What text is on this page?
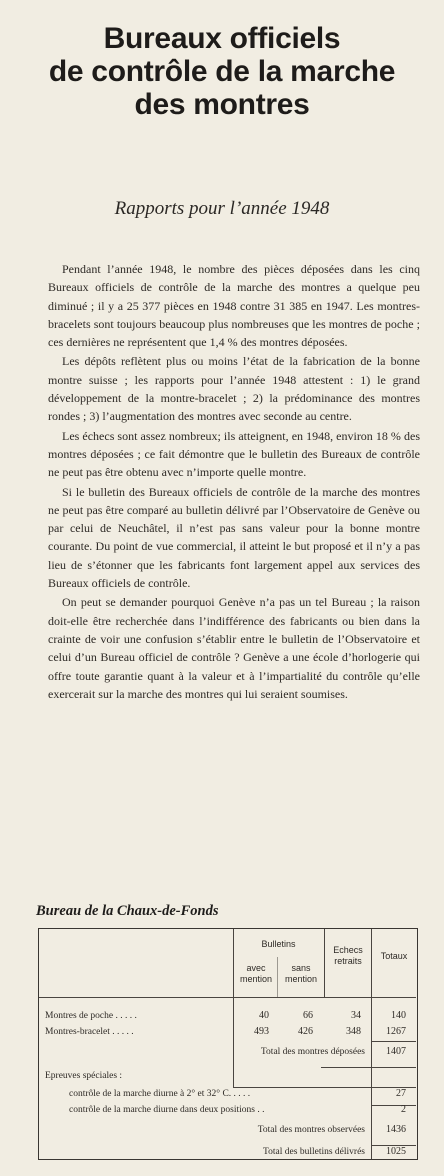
Bureaux officiels
de contrôle de la marche
des montres
Rapports pour l’année 1948

Pendant l’année 1948, le nombre des pièces déposées dans les cinq Bureaux officiels de contrôle de la marche des montres a quelque peu diminué ; il y a 25 377 pièces en 1948 contre 31 385 en 1947. Les montres-bracelets sont toujours beaucoup plus nombreuses que les montres de poche ; ces dernières ne représentent que 1,4 % des montres déposées.

Les dépôts reflètent plus ou moins l’état de la fabrication de la bonne montre suisse ; les rapports pour l’année 1948 attestent : 1) le grand développement de la montre-bracelet ; 2) la prédominance des montres rondes ; 3) l’augmentation des montres avec seconde au centre.

Les échecs sont assez nombreux; ils atteignent, en 1948, environ 18 % des montres déposées ; ce fait démontre que le bulletin des Bureaux de contrôle ne peut pas être obtenu avec n’importe quelle montre.

Si le bulletin des Bureaux officiels de contrôle de la marche des montres ne peut pas être comparé au bulletin délivré par l’Observatoire de Genève ou par celui de Neuchâtel, il n’est pas sans valeur pour la bonne montre courante. Du point de vue commercial, il atteint le but proposé et il n’y a pas lieu de s’étonner que les fabricants font largement appel aux services des Bureaux officiels de contrôle.

On peut se demander pourquoi Genève n’a pas un tel Bureau ; la raison doit-elle être recherchée dans l’indifférence des fabricants ou bien dans la crainte de voir une confusion s’établir entre le bulletin de l’Observatoire et celui d’un Bureau officiel de contrôle ? Genève a une école d’horlogerie qui offre toute garantie quant à la valeur et à l’impartialité du contrôle qu’elle exercerait sur la marche des montres qui lui seraient soumises.

Bureau de la Chaux-de-Fonds
Bulletins
avec mention
sans mention
Echecs retraits	Totaux
Montres de poche . . . . .	40	66	34	140
Montres-bracelet . . . . .	493	426	348	1267
Total des montres déposées	1407
Epreuves spéciales :
contrôle de la marche diurne à 2° et 32° C. . . . .	27
contrôle de la marche diurne dans deux positions . .	2
Total des montres observées	1436
Total des bulletins délivrés	1025
